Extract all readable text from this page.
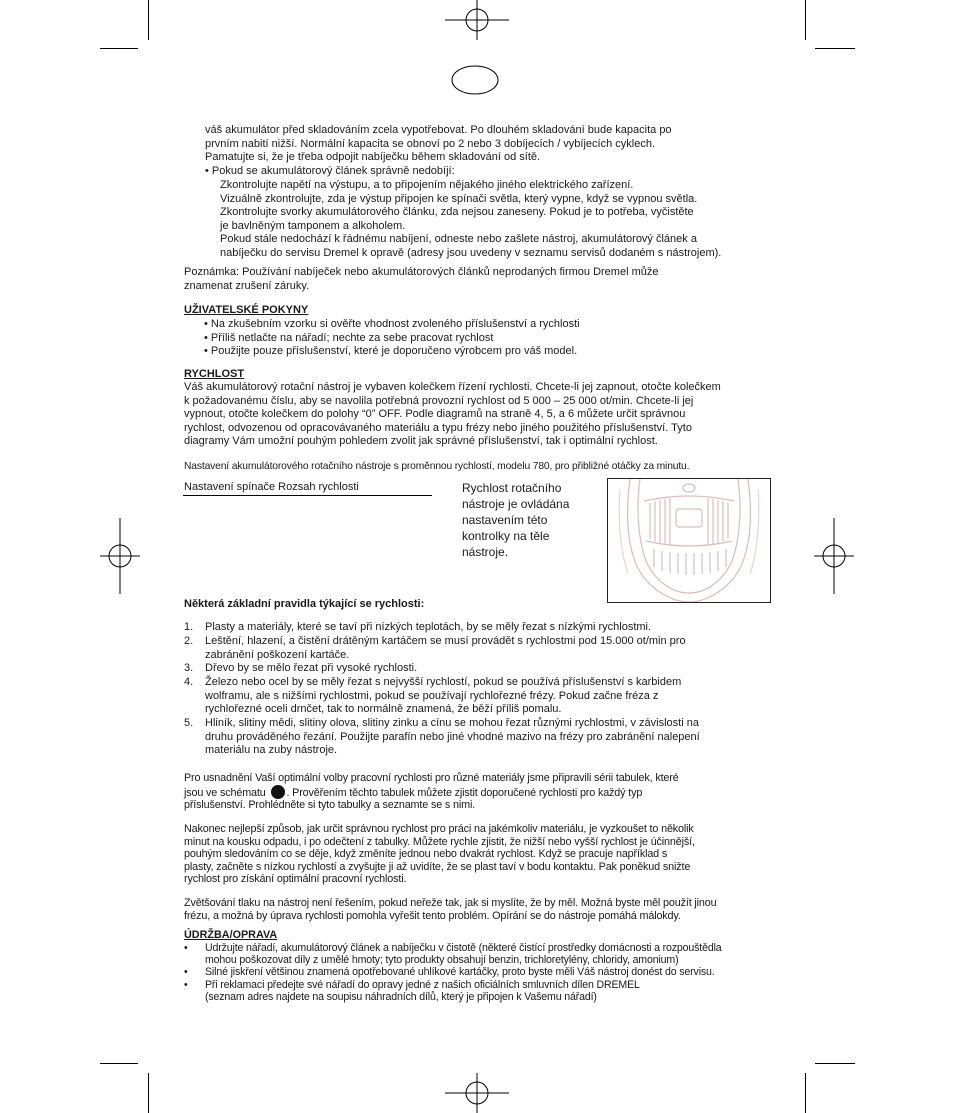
váš akumulátor před skladováním zcela vypotřebovat. Po dlouhém skladování bude kapacita po
prvním nabití nižší. Normální kapacita se obnoví po 2 nebo 3 dobíjecích / vybíjecích cyklech.
Pamatujte si, že je třeba odpojit nabíječku během skladování od sítě.
• Pokud se akumulátorový článek správně nedobíjí:
Zkontrolujte napětí na výstupu, a to připojením nějakého jiného elektrického zařízení.
Vizuálně zkontrolujte, zda je výstup připojen ke spínači světla, který vypne, když se vypnou světla.
Zkontrolujte svorky akumulátorového článku, zda nejsou zaneseny. Pokud je to potřeba, vyčistěte
je bavlněným tamponem a alkoholem.
Pokud stále nedochází k řádnému nabíjení, odneste nebo zašlete nástroj, akumulátorový článek a
nabíječku do servisu Dremel k opravě (adresy jsou uvedeny v seznamu servisů dodaném s nástrojem).
Poznámka: Používání nabíječek nebo akumulátorových článků neprodaných firmou Dremel může
znamenat zrušení záruky.
UŽIVATELSKÉ POKYNY
• Na zkušebním vzorku si ověřte vhodnost zvoleného příslušenství a rychlosti
• Příliš netlačte na nářadí; nechte za sebe pracovat rychlost
• Použijte pouze příslušenství, které je doporučeno výrobcem pro váš model.
RYCHLOST
Váš akumulátorový rotační nástroj je vybaven kolečkem řízení rychlosti. Chcete-li jej zapnout, otočte kolečkem
k požadovanému číslu, aby se navolila potřebná provozní rychlost od 5 000 – 25 000 ot/min. Chcete-li jej
vypnout, otočte kolečkem do polohy “0” OFF. Podle diagramů na straně 4, 5, a 6 můžete určit správnou
rychlost, odvozenou od opracovávaného materiálu a typu frézy nebo jiného použitého příslušenství. Tyto
diagramy Vám umožní pouhým pohledem zvolit jak správné příslušenství, tak i optimální rychlost.
Nastavení akumulátorového rotačního nástroje s proměnnou rychlostí, modelu 780, pro přibližné otáčky za minutu.
Nastavení spínače Rozsah rychlosti	Rychlost rotačního
nástroje je ovládána
nastavením této
kontrolky na těle
nástroje.
Některá základní pravidla týkající se rychlosti:
1.	Plasty a materiály, které se taví při nízkých teplotách, by se měly řezat s nízkými rychlostmi.
2.	Leštění, hlazení, a čistění drátěným kartáčem se musí provádět s rychlostmi pod 15.000 ot/min pro
zabránění poškození kartáče.
3.	Dřevo by se mělo řezat při vysoké rychlosti.
4.	Železo nebo ocel by se měly řezat s nejvyšší rychlostí, pokud se používá příslušenství s karbidem
wolframu, ale s nižšími rychlostmi, pokud se používají rychlořezné frézy. Pokud začne fréza z
rychlořezné oceli drnčet, tak to normálně znamená, že běží příliš pomalu.
5.	Hliník, slitiny mědi, slitiny olova, slitiny zinku a cínu se mohou řezat různými rychlostmi, v závislosti na
druhu prováděného řezání. Použijte parafín nebo jiné vhodné mazivo na frézy pro zabránění nalepení
materiálu na zuby nástroje.
Pro usnadnění Vaší optimální volby pracovní rychlosti pro různé materiály jsme připravili sérii tabulek, které
jsou ve schématu . Prověřením těchto tabulek můžete zjistit doporučené rychlosti pro každý typ
příslušenství. Prohlédněte si tyto tabulky a seznamte se s nimi.
Nakonec nejlepší způsob, jak určit správnou rychlost pro práci na jakémkoliv materiálu, je vyzkoušet to několik
minut na kousku odpadu, i po odečtení z tabulky. Můžete rychle zjistit, že nižší nebo vyšší rychlost je účinnější,
pouhým sledováním co se děje, když změníte jednou nebo dvakrát rychlost. Když se pracuje například s
plasty, začněte s nízkou rychlostí a zvyšujte ji až uvidíte, že se plast taví v bodu kontaktu. Pak poněkud snižte
rychlost pro získání optimální pracovní rychlosti.
Zvětšování tlaku na nástroj není řešením, pokud neřeže tak, jak si myslíte, že by měl. Možná byste měl použít jinou
frézu, a možná by úprava rychlosti pomohla vyřešit tento problém. Opírání se do nástroje pomáhá málokdy.
ÚDRŽBA/OPRAVA
• Udržujte nářadí, akumulátorový článek a nabíječku v čistotě (některé čistící prostředky domácnosti a rozpouštědla
mohou poškozovat díly z umělé hmoty; tyto produkty obsahují benzin, trichloretylény, chloridy, amonium)
• Silné jiskření většinou znamená opotřebované uhlíkové kartáčky, proto byste měli Váš nástroj donést do servisu.
• Při reklamaci předejte své nářadí do opravy jedné z našich oficiálních smluvních dílen DREMEL
(seznam adres najdete na soupisu náhradních dílů, který je připojen k Vašemu nářadí)
